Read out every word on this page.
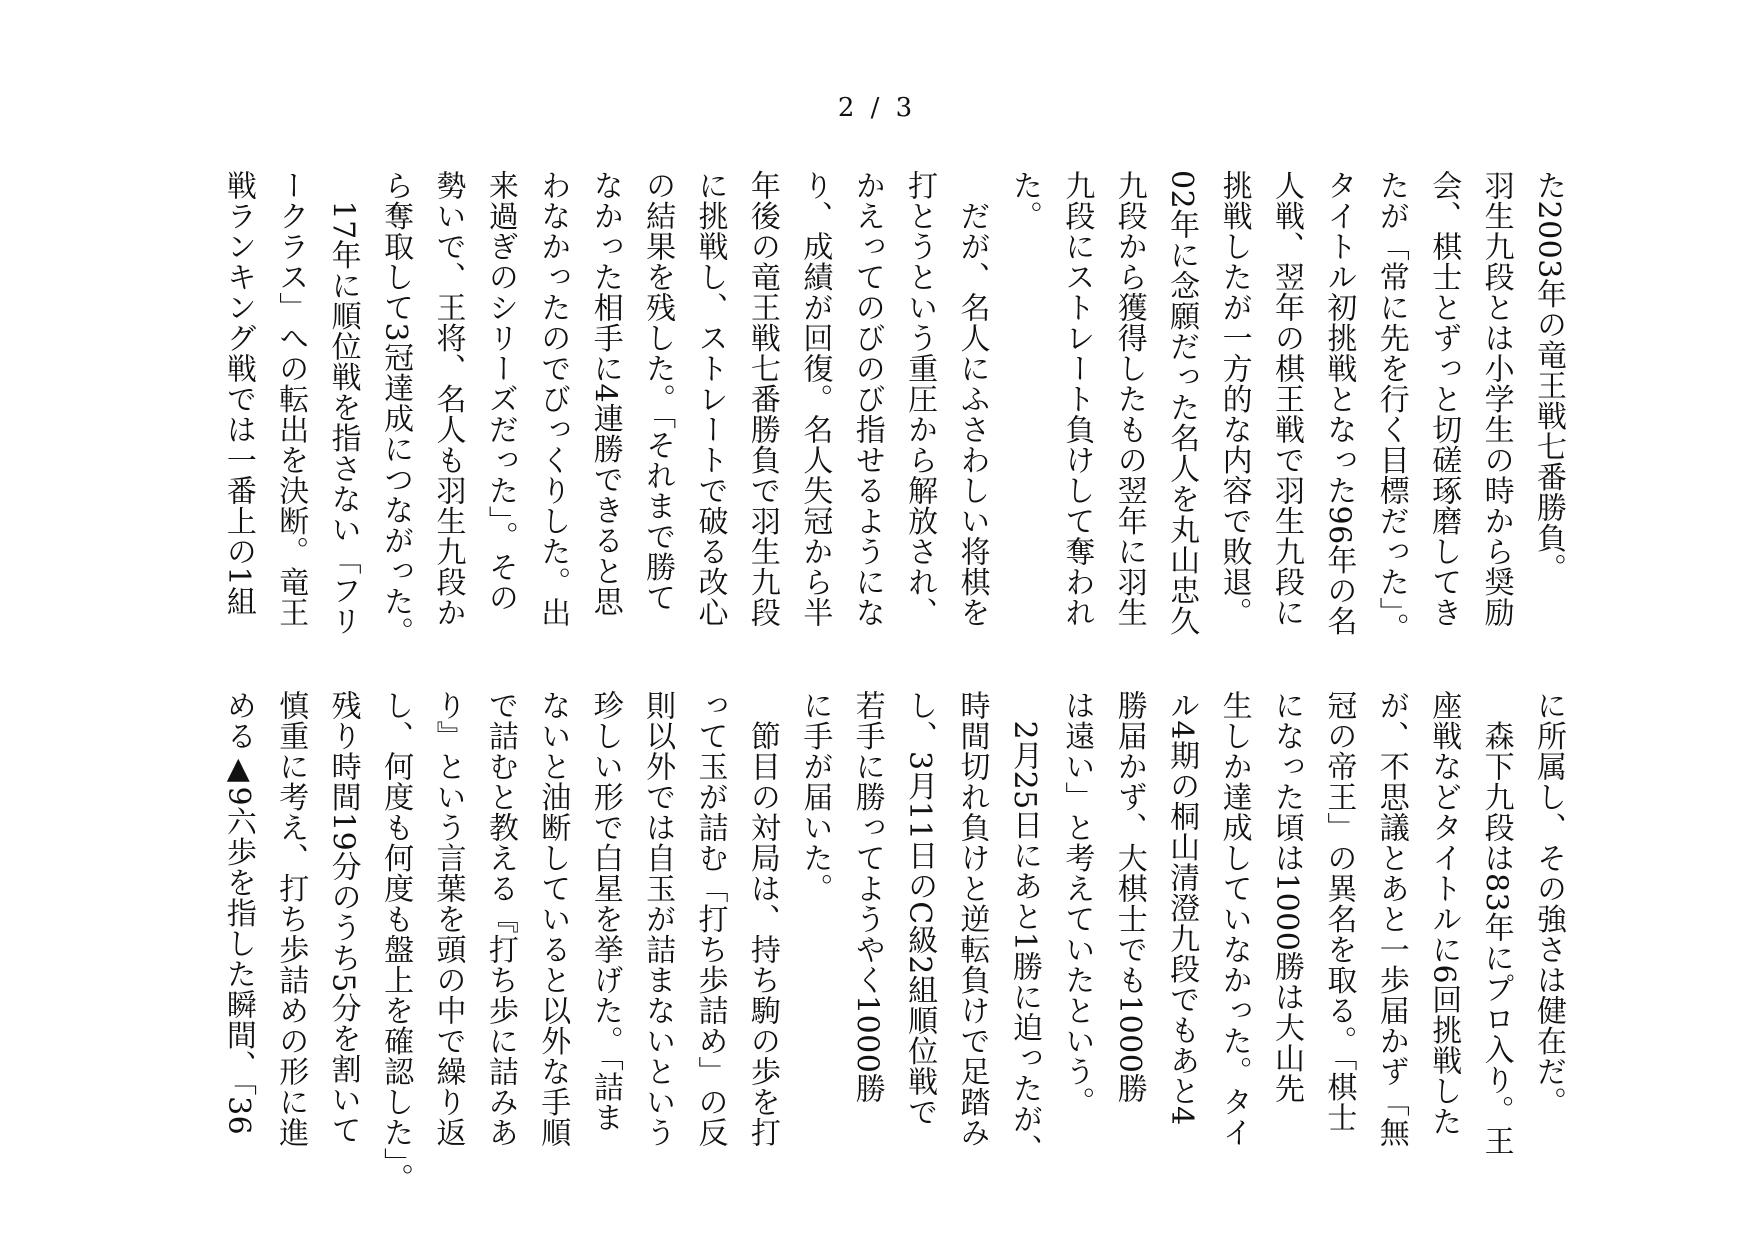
2 / 3
た2003年の竜王戦七番勝負。
羽生九段とは小学生の時から奨励
会、棋士とずっと切磋琢磨してき
たが「常に先を行く目標だった」。
タイトル初挑戦となった96年の名
人戦、翌年の棋王戦で羽生九段に
挑戦したが一方的な内容で敗退。
02年に念願だった名人を丸山忠久
九段から獲得したもの翌年に羽生
九段にストレート負けして奪われ
た。
　だが、名人にふさわしい将棋を
打とうという重圧から解放され、
かえってのびのび指せるようにな
り、成績が回復。名人失冠から半
年後の竜王戦七番勝負で羽生九段
に挑戦し、ストレートで破る改心
の結果を残した。「それまで勝て
なかった相手に4連勝できると思
わなかったのでびっくりした。出
来過ぎのシリーズだった」。その
勢いで、王将、名人も羽生九段か
ら奪取して3冠達成につながった。
　17年に順位戦を指さない「フリ
ークラス」への転出を決断。竜王
戦ランキング戦では一番上の1組
に所属し、その強さは健在だ。
　森下九段は83年にプロ入り。王
座戦などタイトルに6回挑戦した
が、不思議とあと一歩届かず「無
冠の帝王」の異名を取る。「棋士
になった頃は1000勝は大山先
生しか達成していなかった。タイ
ル4期の桐山清澄九段でもあと4
勝届かず、大棋士でも1000勝
は遠い」と考えていたという。
　2月25日にあと1勝に迫ったが、
時間切れ負けと逆転負けで足踏み
し、3月11日のC級2組順位戦で
若手に勝ってようやく1000勝
に手が届いた。
　節目の対局は、持ち駒の歩を打
って玉が詰む「打ち歩詰め」の反
則以外では自玉が詰まないという
珍しい形で白星を挙げた。「詰ま
ないと油断していると以外な手順
で詰むと教える『打ち歩に詰みあ
り』という言葉を頭の中で繰り返
し、何度も何度も盤上を確認した」。
残り時間19分のうち5分を割いて
慎重に考え、打ち歩詰めの形に進
める▲9六歩を指した瞬間、「36
